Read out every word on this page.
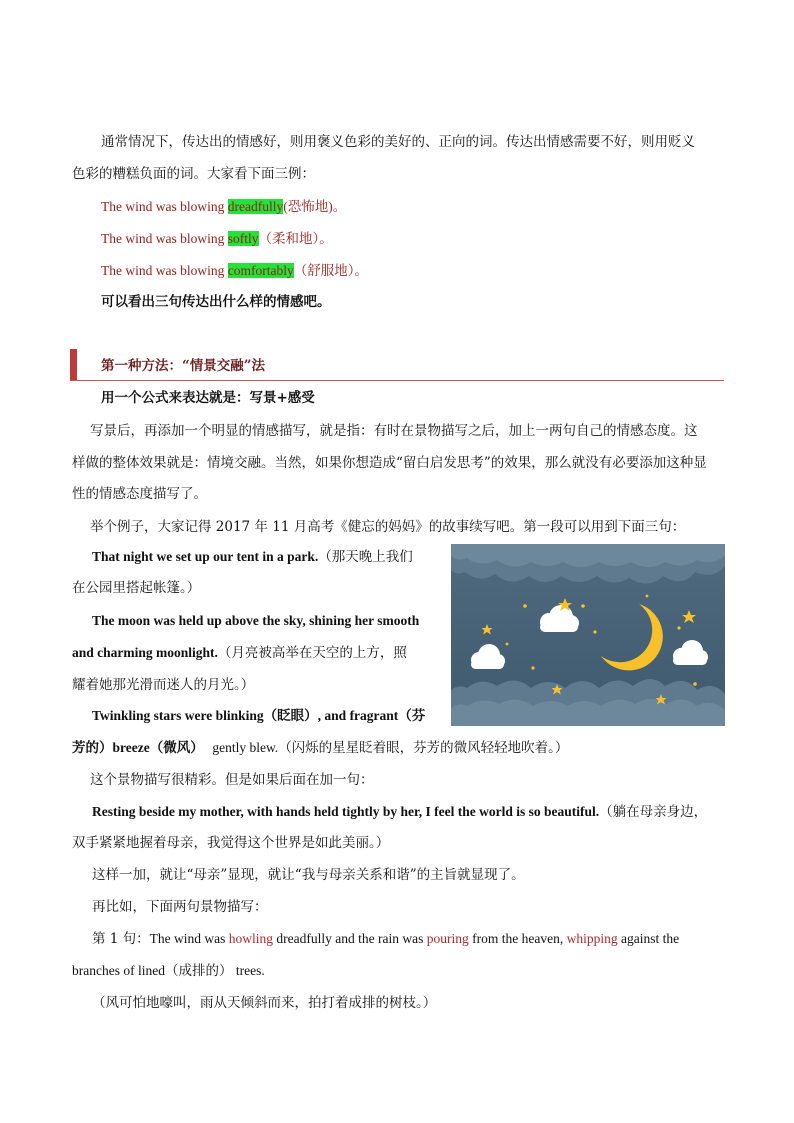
通常情况下，传达出的情感好，则用褒义色彩的美好的、正向的词。传达出情感需要不好，则用贬义
色彩的糟糕负面的词。大家看下面三例：
The wind was blowing dreadfully(恐怖地)。
The wind was blowing softly（柔和地）。
The wind was blowing comfortably（舒服地）。
可以看出三句传达出什么样的情感吧。
第一种方法：“情景交融”法
用一个公式来表达就是：写景+感受
写景后，再添加一个明显的情感描写，就是指：有时在景物描写之后，加上一两句自己的情感态度。这
样做的整体效果就是：情境交融。当然，如果你想造成“留白启发思考”的效果，那么就没有必要添加这种显
性的情感态度描写了。
举个例子，大家记得 2017 年 11 月高考《健忘的妈妈》的故事续写吧。第一段可以用到下面三句：
That night we set up our tent in a park.（那天晚上我们
在公园里搭起帐篷。）
The moon was held up above the sky, shining her smooth
and charming moonlight.（月亮被高举在天空的上方，照
耀着她那光滑而迷人的月光。）
Twinkling stars were blinking（眨眼）, and fragrant（芬
芳的）breeze（微风） gently blew.（闪烁的星星眨着眼，芬芳的微风轻轻地吹着。）
这个景物描写很精彩。但是如果后面在加一句：
Resting beside my mother, with hands held tightly by her, I feel the world is so beautiful.（躺在母亲身边，
双手紧紧地握着母亲，我觉得这个世界是如此美丽。）
这样一加，就让“母亲”显现，就让“我与母亲关系和谐”的主旨就显现了。
再比如，下面两句景物描写：
第 1 句：The wind was howling dreadfully and the rain was pouring from the heaven, whipping against the
branches of lined（成排的） trees.
（风可怕地嚎叫，雨从天倾斜而来，拍打着成排的树枝。）
